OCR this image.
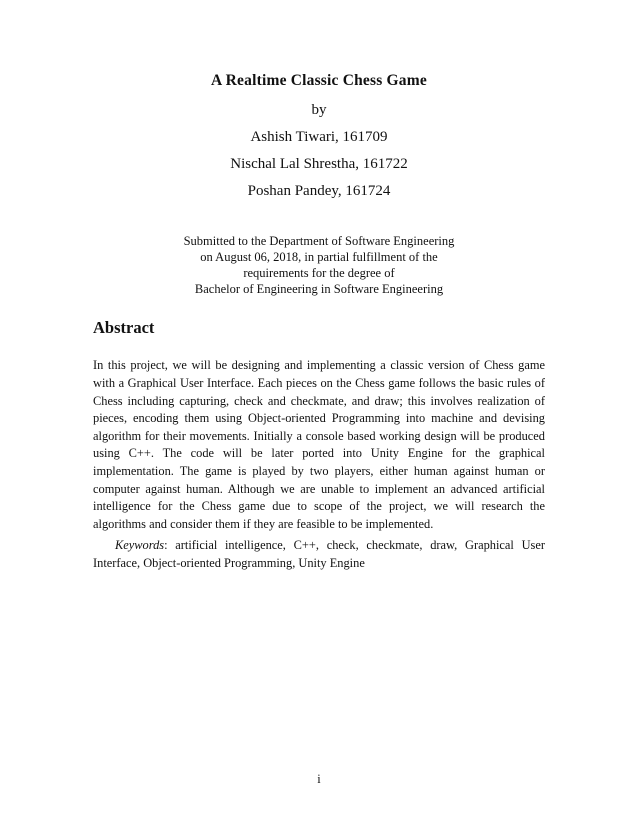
A Realtime Classic Chess Game
by
Ashish Tiwari, 161709
Nischal Lal Shrestha, 161722
Poshan Pandey, 161724
Submitted to the Department of Software Engineering
on August 06, 2018, in partial fulfillment of the
requirements for the degree of
Bachelor of Engineering in Software Engineering
Abstract

In this project, we will be designing and implementing a classic version of Chess game with a Graphical User Interface. Each pieces on the Chess game follows the basic rules of Chess including capturing, check and checkmate, and draw; this involves realization of pieces, encoding them using Object-oriented Programming into machine and devising algorithm for their movements. Initially a console based working design will be produced using C++. The code will be later ported into Unity Engine for the graphical implementation. The game is played by two players, either human against human or computer against human. Although we are unable to implement an advanced artificial intelligence for the Chess game due to scope of the project, we will research the algorithms and consider them if they are feasible to be implemented.

Keywords: artificial intelligence, C++, check, checkmate, draw, Graphical User Interface, Object-oriented Programming, Unity Engine

i
